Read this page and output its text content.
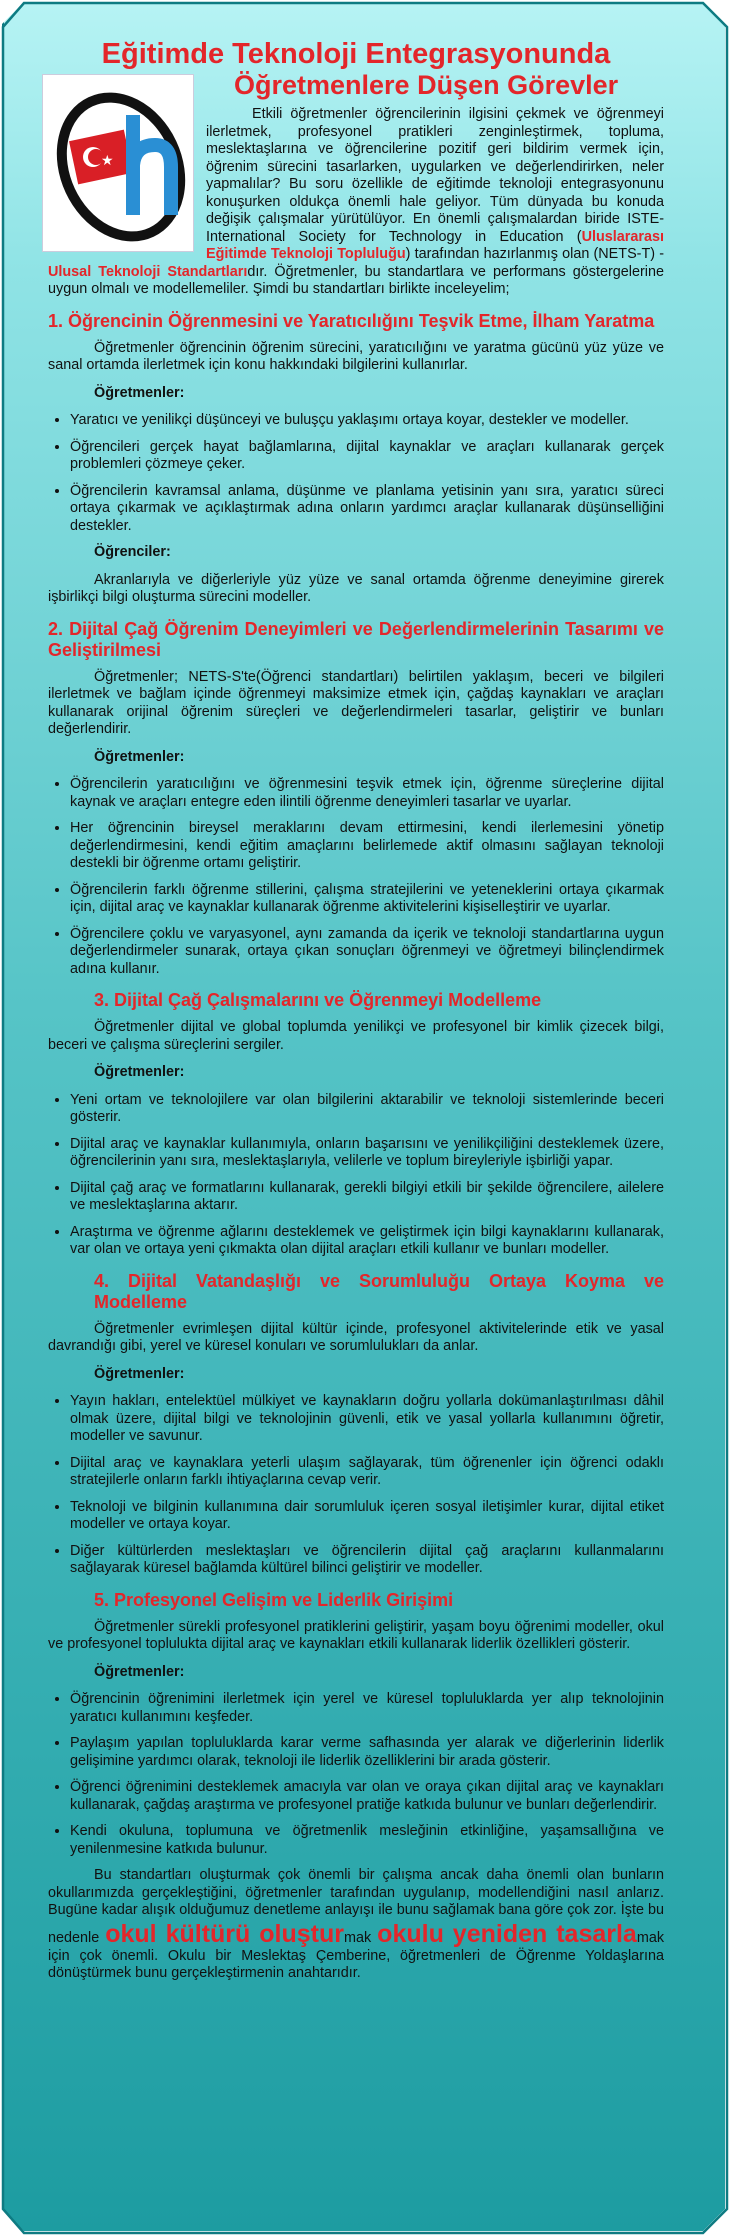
Eğitimde Teknoloji Entegrasyonunda
★
Öğretmenlere Düşen Görevler

Etkili öğretmenler öğrencilerinin ilgisini çekmek ve öğrenmeyi ilerletmek, profesyonel pratikleri zenginleştirmek, topluma, meslektaşlarına ve öğrencilerine pozitif geri bildirim vermek için, öğrenim sürecini tasarlarken, uygularken ve değerlendirirken, neler yapmalılar? Bu soru özellikle de eğitimde teknoloji entegrasyonunu konuşurken oldukça önemli hale geliyor. Tüm dünyada bu konuda değişik çalışmalar yürütülüyor. En önemli çalışmalardan biride ISTE-International Society for Technology in Education (Uluslararası Eğitimde Teknoloji Topluluğu) tarafından hazırlanmış olan (NETS-T) -Ulusal Teknoloji Standartlarıdır. Öğretmenler, bu standartlara ve performans göstergelerine uygun olmalı ve modellemeliler. Şimdi bu standartları birlikte inceleyelim;

1. Öğrencinin Öğrenmesini ve Yaratıcılığını Teşvik Etme, İlham Yaratma

Öğretmenler öğrencinin öğrenim sürecini, yaratıcılığını ve yaratma gücünü yüz yüze ve sanal ortamda ilerletmek için konu hakkındaki bilgilerini kullanırlar.

Öğretmenler:
• Yaratıcı ve yenilikçi düşünceyi ve buluşçu yaklaşımı ortaya koyar, destekler ve modeller.
• Öğrencileri gerçek hayat bağlamlarına, dijital kaynaklar ve araçları kullanarak gerçek problemleri çözmeye çeker.
• Öğrencilerin kavramsal anlama, düşünme ve planlama yetisinin yanı sıra, yaratıcı süreci ortaya çıkarmak ve açıklaştırmak adına onların yardımcı araçlar kullanarak düşünselliğini destekler.
Öğrenciler:

Akranlarıyla ve diğerleriyle yüz yüze ve sanal ortamda öğrenme deneyimine girerek işbirlikçi bilgi oluşturma sürecini modeller.

2. Dijital Çağ Öğrenim Deneyimleri ve Değerlendirmelerinin Tasarımı ve Geliştirilmesi

Öğretmenler; NETS-S'te(Öğrenci standartları) belirtilen yaklaşım, beceri ve bilgileri ilerletmek ve bağlam içinde öğrenmeyi maksimize etmek için, çağdaş kaynakları ve araçları kullanarak orijinal öğrenim süreçleri ve değerlendirmeleri tasarlar, geliştirir ve bunları değerlendirir.

Öğretmenler:
• Öğrencilerin yaratıcılığını ve öğrenmesini teşvik etmek için, öğrenme süreçlerine dijital kaynak ve araçları entegre eden ilintili öğrenme deneyimleri tasarlar ve uyarlar.
• Her öğrencinin bireysel meraklarını devam ettirmesini, kendi ilerlemesini yönetip değerlendirmesini, kendi eğitim amaçlarını belirlemede aktif olmasını sağlayan teknoloji destekli bir öğrenme ortamı geliştirir.
• Öğrencilerin farklı öğrenme stillerini, çalışma stratejilerini ve yeteneklerini ortaya çıkarmak için, dijital araç ve kaynaklar kullanarak öğrenme aktivitelerini kişiselleştirir ve uyarlar.
• Öğrencilere çoklu ve varyasyonel, aynı zamanda da içerik ve teknoloji standartlarına uygun değerlendirmeler sunarak, ortaya çıkan sonuçları öğrenmeyi ve öğretmeyi bilinçlendirmek adına kullanır.
3. Dijital Çağ Çalışmalarını ve Öğrenmeyi Modelleme

Öğretmenler dijital ve global toplumda yenilikçi ve profesyonel bir kimlik çizecek bilgi, beceri ve çalışma süreçlerini sergiler.

Öğretmenler:
• Yeni ortam ve teknolojilere var olan bilgilerini aktarabilir ve teknoloji sistemlerinde beceri gösterir.
• Dijital araç ve kaynaklar kullanımıyla, onların başarısını ve yenilikçiliğini desteklemek üzere, öğrencilerinin yanı sıra, meslektaşlarıyla, velilerle ve toplum bireyleriyle işbirliği yapar.
• Dijital çağ araç ve formatlarını kullanarak, gerekli bilgiyi etkili bir şekilde öğrencilere, ailelere ve meslektaşlarına aktarır.
• Araştırma ve öğrenme ağlarını desteklemek ve geliştirmek için bilgi kaynaklarını kullanarak, var olan ve ortaya yeni çıkmakta olan dijital araçları etkili kullanır ve bunları modeller.
4. Dijital Vatandaşlığı ve Sorumluluğu Ortaya Koyma ve Modelleme

Öğretmenler evrimleşen dijital kültür içinde, profesyonel aktivitelerinde etik ve yasal davrandığı gibi, yerel ve küresel konuları ve sorumlulukları da anlar.

Öğretmenler:
• Yayın hakları, entelektüel mülkiyet ve kaynakların doğru yollarla dokümanlaştırılması dâhil olmak üzere, dijital bilgi ve teknolojinin güvenli, etik ve yasal yollarla kullanımını öğretir, modeller ve savunur.
• Dijital araç ve kaynaklara yeterli ulaşım sağlayarak, tüm öğrenenler için öğrenci odaklı stratejilerle onların farklı ihtiyaçlarına cevap verir.
• Teknoloji ve bilginin kullanımına dair sorumluluk içeren sosyal iletişimler kurar, dijital etiket modeller ve ortaya koyar.
• Diğer kültürlerden meslektaşları ve öğrencilerin dijital çağ araçlarını kullanmalarını sağlayarak küresel bağlamda kültürel bilinci geliştirir ve modeller.
5. Profesyonel Gelişim ve Liderlik Girişimi

Öğretmenler sürekli profesyonel pratiklerini geliştirir, yaşam boyu öğrenimi modeller, okul ve profesyonel toplulukta dijital araç ve kaynakları etkili kullanarak liderlik özellikleri gösterir.

Öğretmenler:
• Öğrencinin öğrenimini ilerletmek için yerel ve küresel topluluklarda yer alıp teknolojinin yaratıcı kullanımını keşfeder.
• Paylaşım yapılan topluluklarda karar verme safhasında yer alarak ve diğerlerinin liderlik gelişimine yardımcı olarak, teknoloji ile liderlik özelliklerini bir arada gösterir.
• Öğrenci öğrenimini desteklemek amacıyla var olan ve oraya çıkan dijital araç ve kaynakları kullanarak, çağdaş araştırma ve profesyonel pratiğe katkıda bulunur ve bunları değerlendirir.
• Kendi okuluna, toplumuna ve öğretmenlik mesleğinin etkinliğine, yaşamsallığına ve yenilenmesine katkıda bulunur.

Bu standartları oluşturmak çok önemli bir çalışma ancak daha önemli olan bunların okullarımızda gerçekleştiğini, öğretmenler tarafından uygulanıp, modellendiğini nasıl anlarız. Bugüne kadar alışık olduğumuz denetleme anlayışı ile bunu sağlamak bana göre çok zor. İşte bu nedenle okul kültürü oluşturmak okulu yeniden tasarlamak için çok önemli. Okulu bir Meslektaş Çemberine, öğretmenleri de Öğrenme Yoldaşlarına dönüştürmek bunu gerçekleştirmenin anahtarıdır.
